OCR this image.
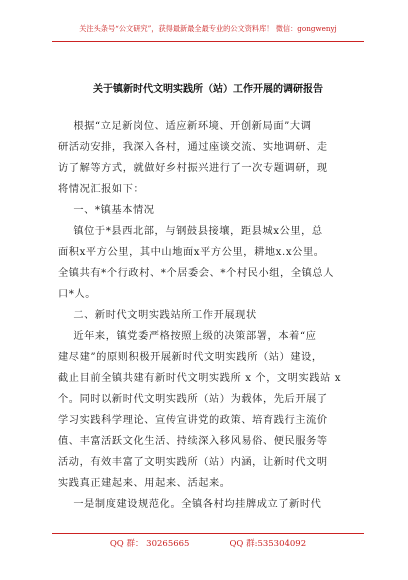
关注头条号“公文研究”，获得最新最全最专业的公文资料库！ 微信：gongwenyj
关于镇新时代文明实践所（站）工作开展的调研报告
根据“立足新岗位、适应新环境、开创新局面”大调
研活动安排，我深入各村，通过座谈交流、实地调研、走
访了解等方式，就做好乡村振兴进行了一次专题调研，现
将情况汇报如下：
一、*镇基本情况
镇位于*县西北部，与钢鼓县接壤，距县城x公里，总
面积x平方公里，其中山地面x平方公里，耕地x.x公里。
全镇共有*个行政村、*个居委会、*个村民小组，全镇总人
口*人。
二、新时代文明实践站所工作开展现状
近年来，镇党委严格按照上级的决策部署，本着“应
建尽建”的原则积极开展新时代文明实践所（站）建设，
截止目前全镇共建有新时代文明实践所 x 个，文明实践站 x
个。同时以新时代文明实践所（站）为载体，先后开展了
学习实践科学理论、宣传宣讲党的政策、培育践行主流价
值、丰富活跃文化生活、持续深入移风易俗、便民服务等
活动，有效丰富了文明实践所（站）内涵，让新时代文明
实践真正建起来、用起来、活起来。
一是制度建设规范化。全镇各村均挂牌成立了新时代
QQ 群： 30265665	QQ 群:535304092
